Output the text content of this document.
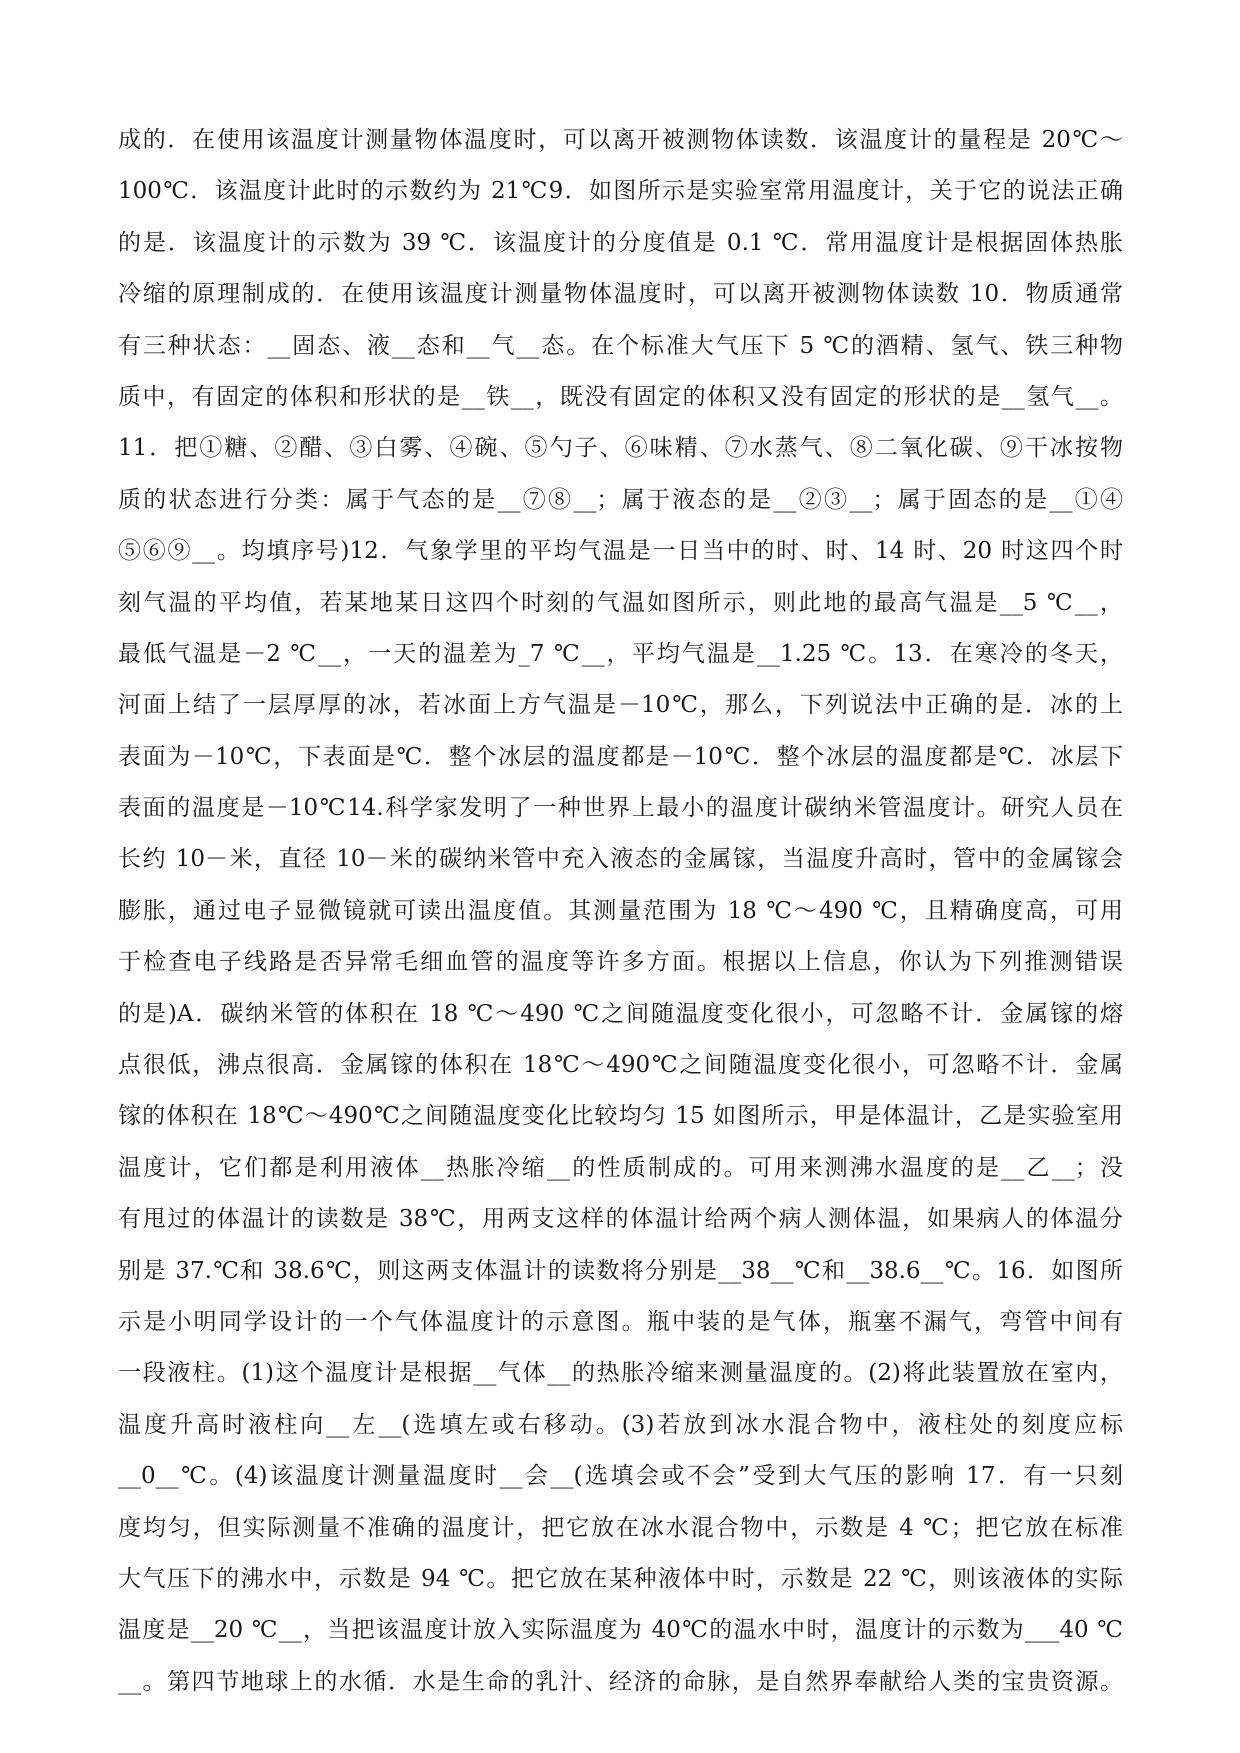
成的．在使用该温度计测量物体温度时，可以离开被测物体读数．该温度计的量程是 20℃～
100℃．该温度计此时的示数约为 21℃9．如图所示是实验室常用温度计，关于它的说法正确
的是．该温度计的示数为 39 ℃．该温度计的分度值是 0.1 ℃．常用温度计是根据固体热胀
冷缩的原理制成的．在使用该温度计测量物体温度时，可以离开被测物体读数 10．物质通常
有三种状态：__固态、液__态和__气__态。在个标准大气压下 5 ℃的酒精、氢气、铁三种物
质中，有固定的体积和形状的是__铁__，既没有固定的体积又没有固定的形状的是__氢气__。
11．把①糖、②醋、③白雾、④碗、⑤勺子、⑥味精、⑦水蒸气、⑧二氧化碳、⑨干冰按物
质的状态进行分类：属于气态的是__⑦⑧__；属于液态的是__②③__；属于固态的是__①④
⑤⑥⑨__。均填序号)12．气象学里的平均气温是一日当中的时、时、14 时、20 时这四个时
刻气温的平均值，若某地某日这四个时刻的气温如图所示，则此地的最高气温是__5 ℃__，
最低气温是－2 ℃__，一天的温差为_7 ℃__，平均气温是__1.25 ℃。13．在寒冷的冬天，
河面上结了一层厚厚的冰，若冰面上方气温是－10℃，那么，下列说法中正确的是．冰的上
表面为－10℃，下表面是℃．整个冰层的温度都是－10℃．整个冰层的温度都是℃．冰层下
表面的温度是－10℃14.科学家发明了一种世界上最小的温度计碳纳米管温度计。研究人员在
长约 10－米，直径 10－米的碳纳米管中充入液态的金属镓，当温度升高时，管中的金属镓会
膨胀，通过电子显微镜就可读出温度值。其测量范围为 18 ℃～490 ℃，且精确度高，可用
于检查电子线路是否异常毛细血管的温度等许多方面。根据以上信息，你认为下列推测错误
的是)A．碳纳米管的体积在 18 ℃～490 ℃之间随温度变化很小，可忽略不计．金属镓的熔
点很低，沸点很高．金属镓的体积在 18℃～490℃之间随温度变化很小，可忽略不计．金属
镓的体积在 18℃～490℃之间随温度变化比较均匀 15 如图所示，甲是体温计，乙是实验室用
温度计，它们都是利用液体__热胀冷缩__的性质制成的。可用来测沸水温度的是__乙__；没
有甩过的体温计的读数是 38℃，用两支这样的体温计给两个病人测体温，如果病人的体温分
别是 37.℃和 38.6℃，则这两支体温计的读数将分别是__38__℃和__38.6__℃。16．如图所
示是小明同学设计的一个气体温度计的示意图。瓶中装的是气体，瓶塞不漏气，弯管中间有
一段液柱。(1)这个温度计是根据__气体__的热胀冷缩来测量温度的。(2)将此装置放在室内，
温度升高时液柱向__左__(选填左或右移动。(3)若放到冰水混合物中，液柱处的刻度应标
__0__℃。(4)该温度计测量温度时__会__(选填会或不会”受到大气压的影响 17．有一只刻
度均匀，但实际测量不准确的温度计，把它放在冰水混合物中，示数是 4 ℃；把它放在标准
大气压下的沸水中，示数是 94 ℃。把它放在某种液体中时，示数是 22 ℃，则该液体的实际
温度是__20 ℃__，当把该温度计放入实际温度为 40℃的温水中时，温度计的示数为___40 ℃
__。第四节地球上的水循．水是生命的乳汁、经济的命脉，是自然界奉献给人类的宝贵资源。
